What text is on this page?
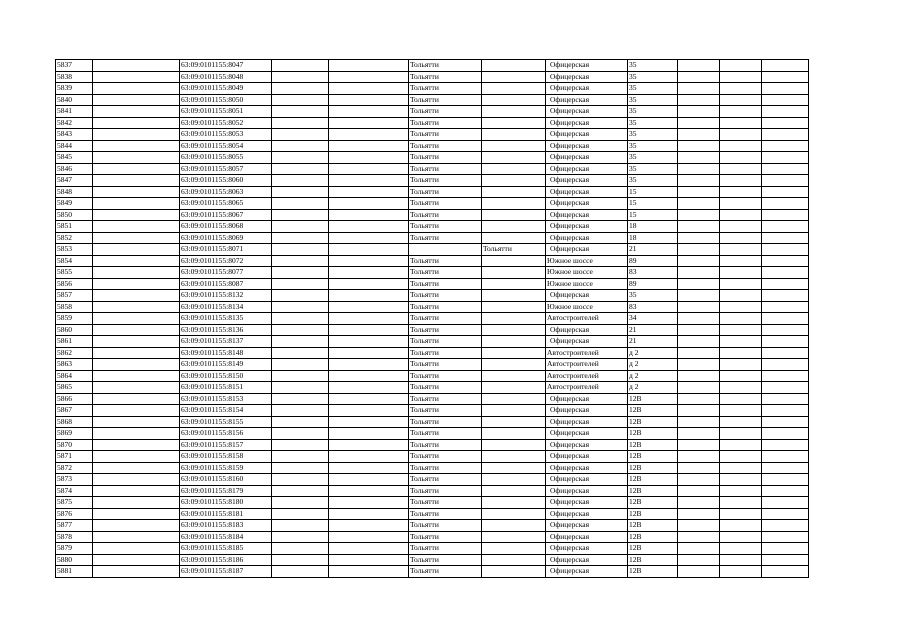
5837		63:09:0101155:8047			Тольятти		Офицерская	35			
5838		63:09:0101155:8048			Тольятти		Офицерская	35			
5839		63:09:0101155:8049			Тольятти		Офицерская	35			
5840		63:09:0101155:8050			Тольятти		Офицерская	35			
5841		63:09:0101155:8051			Тольятти		Офицерская	35			
5842		63:09:0101155:8052			Тольятти		Офицерская	35			
5843		63:09:0101155:8053			Тольятти		Офицерская	35			
5844		63:09:0101155:8054			Тольятти		Офицерская	35			
5845		63:09:0101155:8055			Тольятти		Офицерская	35			
5846		63:09:0101155:8057			Тольятти		Офицерская	35			
5847		63:09:0101155:8060			Тольятти		Офицерская	35			
5848		63:09:0101155:8063			Тольятти		Офицерская	15			
5849		63:09:0101155:8065			Тольятти		Офицерская	15			
5850		63:09:0101155:8067			Тольятти		Офицерская	15			
5851		63:09:0101155:8068			Тольятти		Офицерская	18			
5852		63:09:0101155:8069			Тольятти		Офицерская	18			
5853		63:09:0101155:8071				Тольятти	Офицерская	21			
5854		63:09:0101155:8072			Тольятти		Южное шоссе	89			
5855		63:09:0101155:8077			Тольятти		Южное шоссе	83			
5856		63:09:0101155:8087			Тольятти		Южное шоссе	89			
5857		63:09:0101155:8132			Тольятти		Офицерская	35			
5858		63:09:0101155:8134			Тольятти		Южное шоссе	83			
5859		63:09:0101155:8135			Тольятти		Автостроителей	34			
5860		63:09:0101155:8136			Тольятти		Офицерская	21			
5861		63:09:0101155:8137			Тольятти		Офицерская	21			
5862		63:09:0101155:8148			Тольятти		Автостроителей	д 2			
5863		63:09:0101155:8149			Тольятти		Автостроителей	д 2			
5864		63:09:0101155:8150			Тольятти		Автостроителей	д 2			
5865		63:09:0101155:8151			Тольятти		Автостроителей	д 2			
5866		63:09:0101155:8153			Тольятти		Офицерская	12В			
5867		63:09:0101155:8154			Тольятти		Офицерская	12В			
5868		63:09:0101155:8155			Тольятти		Офицерская	12В			
5869		63:09:0101155:8156			Тольятти		Офицерская	12В			
5870		63:09:0101155:8157			Тольятти		Офицерская	12В			
5871		63:09:0101155:8158			Тольятти		Офицерская	12В			
5872		63:09:0101155:8159			Тольятти		Офицерская	12В			
5873		63:09:0101155:8160			Тольятти		Офицерская	12В			
5874		63:09:0101155:8179			Тольятти		Офицерская	12В			
5875		63:09:0101155:8180			Тольятти		Офицерская	12В			
5876		63:09:0101155:8181			Тольятти		Офицерская	12В			
5877		63:09:0101155:8183			Тольятти		Офицерская	12В			
5878		63:09:0101155:8184			Тольятти		Офицерская	12В			
5879		63:09:0101155:8185			Тольятти		Офицерская	12В			
5880		63:09:0101155:8186			Тольятти		Офицерская	12В			
5881		63:09:0101155:8187			Тольятти		Офицерская	12В			
